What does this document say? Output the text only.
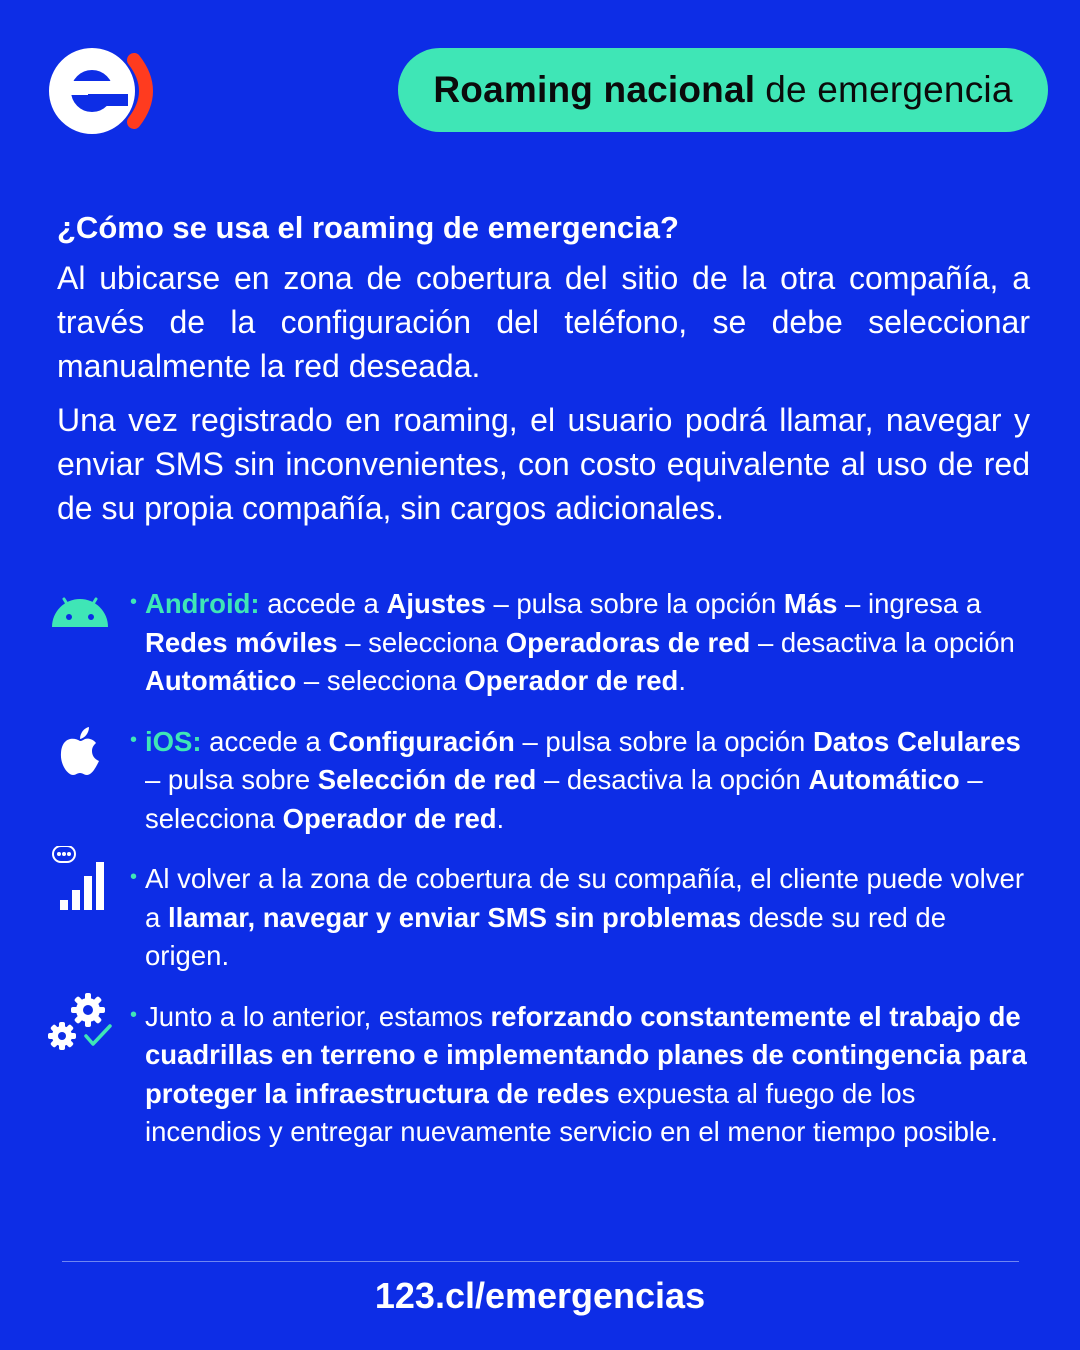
Roaming nacional de emergencia
¿Cómo se usa el roaming de emergencia?

Al ubicarse en zona de cobertura del sitio de la otra compañía, a través de la configuración del teléfono, se debe seleccionar manualmente la red deseada.

Una vez registrado en roaming, el usuario podrá llamar, navegar y enviar SMS sin inconvenientes, con costo equivalente al uso de red de su propia compañía, sin cargos adicionales.

• Android: accede a Ajustes – pulsa sobre la opción Más – ingresa a Redes móviles – selecciona Operadoras de red – desactiva la opción Automático – selecciona Operador de red.

• iOS: accede a Configuración – pulsa sobre la opción Datos Celulares – pulsa sobre Selección de red – desactiva la opción Automático – selecciona Operador de red.

• Al volver a la zona de cobertura de su compañía, el cliente puede volver a llamar, navegar y enviar SMS sin problemas desde su red de origen.

• Junto a lo anterior, estamos reforzando constantemente el trabajo de cuadrillas en terreno e implementando planes de contingencia para proteger la infraestructura de redes expuesta al fuego de los incendios y entregar nuevamente servicio en el menor tiempo posible.

123.cl/emergencias
